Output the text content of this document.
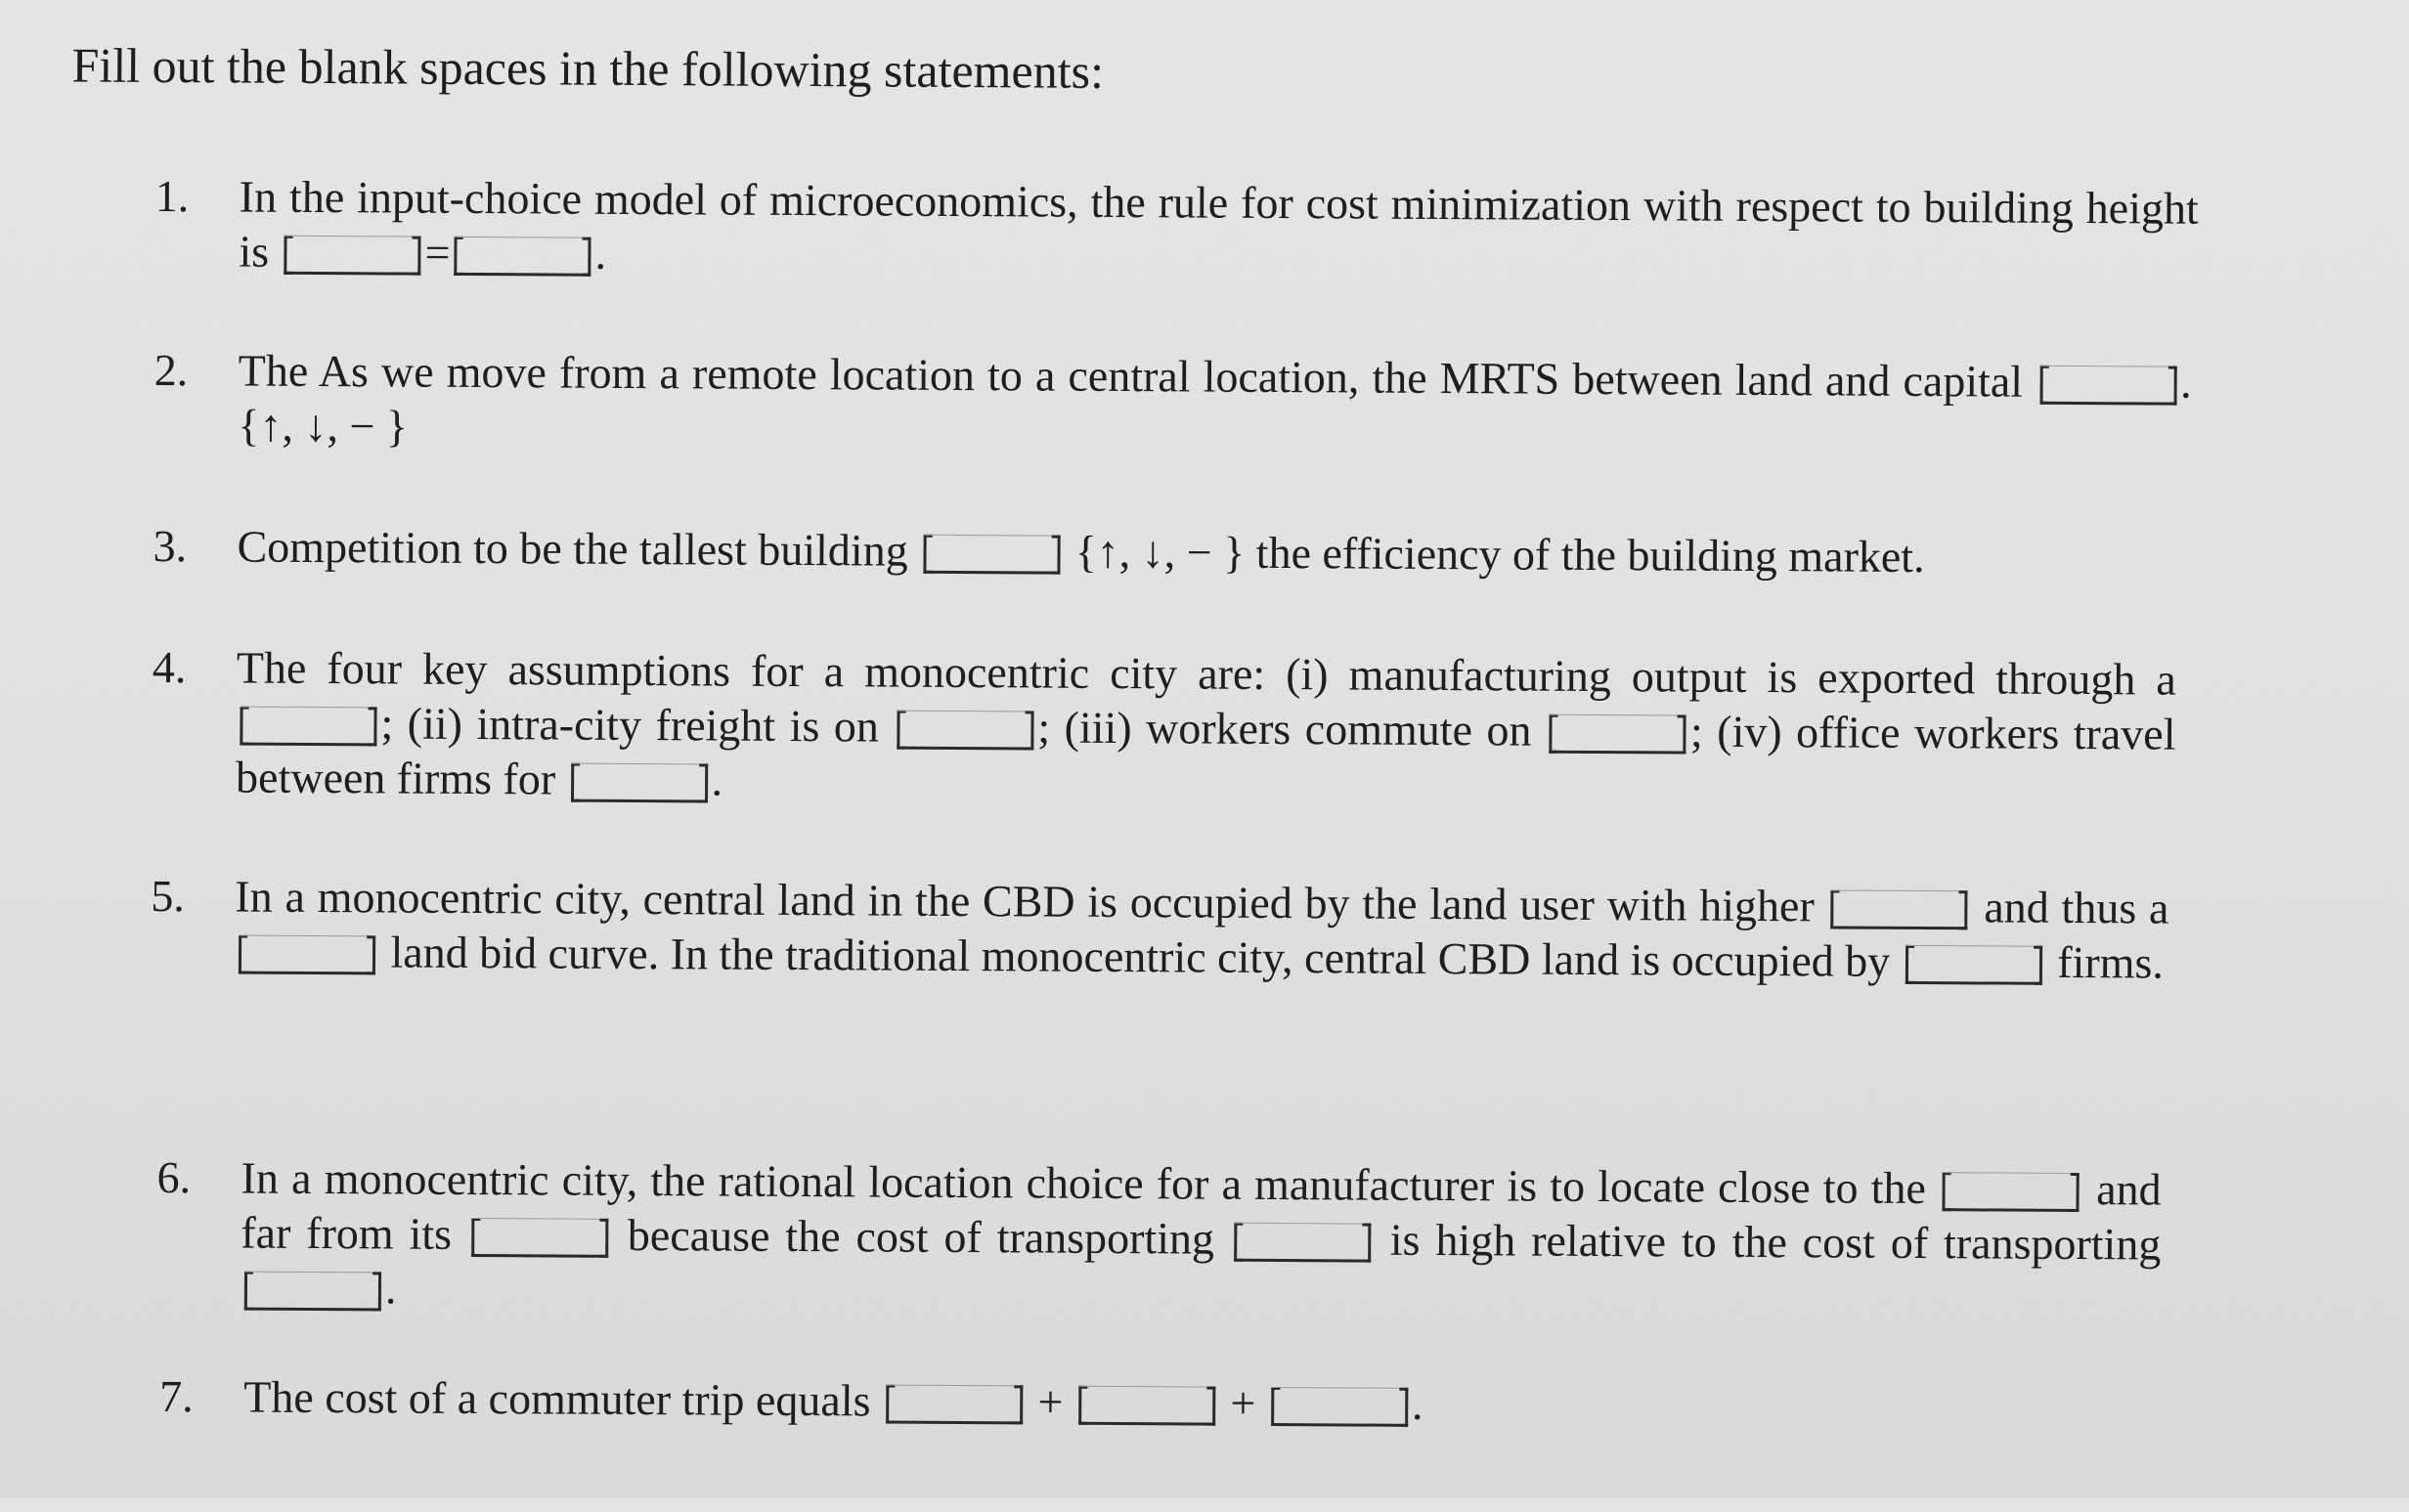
Fill out the blank spaces in the following statements:
1. In the input-choice model of microeconomics, the rule for cost minimization with respect to building height is	=	.
2. The As we move from a remote location to a central location, the MRTS between land and capital	. {↑, ↓, − }
3. Competition to be the tallest building	{↑, ↓, − } the efficiency of the building market.
4. The four key assumptions for a monocentric city are: (i) manufacturing output is exported through a
; (ii) intra-city freight is on	; (iii) workers commute on	; (iv) office workers travel between firms for	.
5. In a monocentric city, central land in the CBD is occupied by the land user with higher	and thus a
land bid curve. In the traditional monocentric city, central CBD land is occupied by	firms.
6. In a monocentric city, the rational location choice for a manufacturer is to locate close to the	and far from its	because the cost of transporting	is high relative to the cost of transporting
.
7. The cost of a commuter trip equals	+	+	.
